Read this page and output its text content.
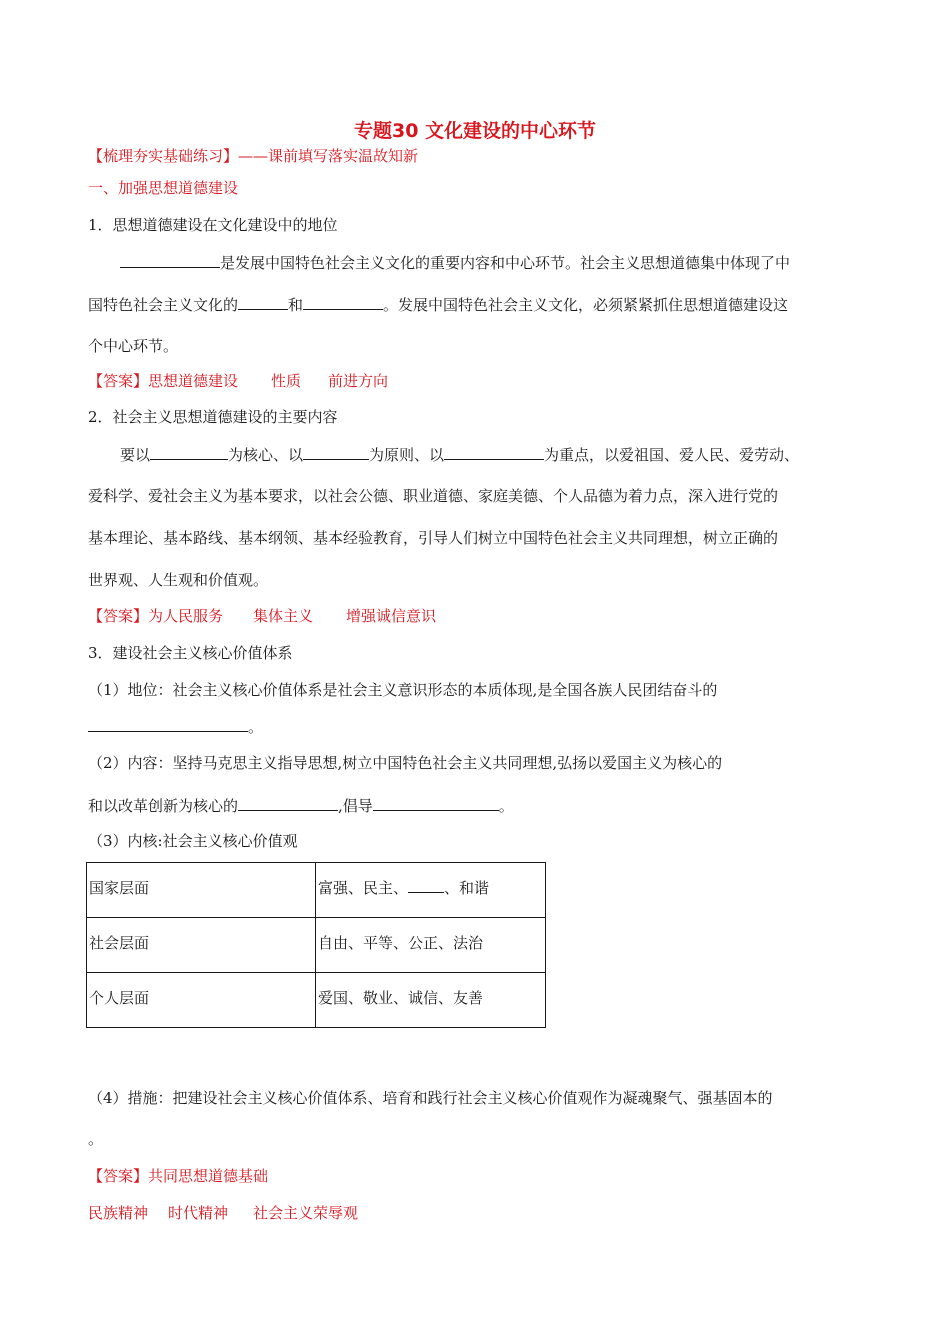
专题30 文化建设的中心环节
【梳理夯实基础练习】——课前填写落实温故知新
一、加强思想道德建设
1．思想道德建设在文化建设中的地位
是发展中国特色社会主义文化的重要内容和中心环节。社会主义思想道德集中体现了中
国特色社会主义文化的	和	。发展中国特色社会主义文化，必须紧紧抓住思想道德建设这
个中心环节。
【答案】思想道德建设 性质 前进方向
2．社会主义思想道德建设的主要内容
要以	为核心、以	为原则、以	为重点，以爱祖国、爱人民、爱劳动、
爱科学、爱社会主义为基本要求，以社会公德、职业道德、家庭美德、个人品德为着力点，深入进行党的
基本理论、基本路线、基本纲领、基本经验教育，引导人们树立中国特色社会主义共同理想，树立正确的
世界观、人生观和价值观。
【答案】为人民服务 集体主义 增强诚信意识
3．建设社会主义核心价值体系
（1）地位：社会主义核心价值体系是社会主义意识形态的本质体现,是全国各族人民团结奋斗的
。
（2）内容：坚持马克思主义指导思想,树立中国特色社会主义共同理想,弘扬以爱国主义为核心的
和以改革创新为核心的	,倡导	。
（3）内核:社会主义核心价值观
国家层面	富强、民主、 、和谐
社会层面	自由、平等、公正、法治
个人层面	爱国、敬业、诚信、友善
（4）措施：把建设社会主义核心价值体系、培育和践行社会主义核心价值观作为凝魂聚气、强基固本的
。
【答案】共同思想道德基础
民族精神 时代精神 社会主义荣辱观
